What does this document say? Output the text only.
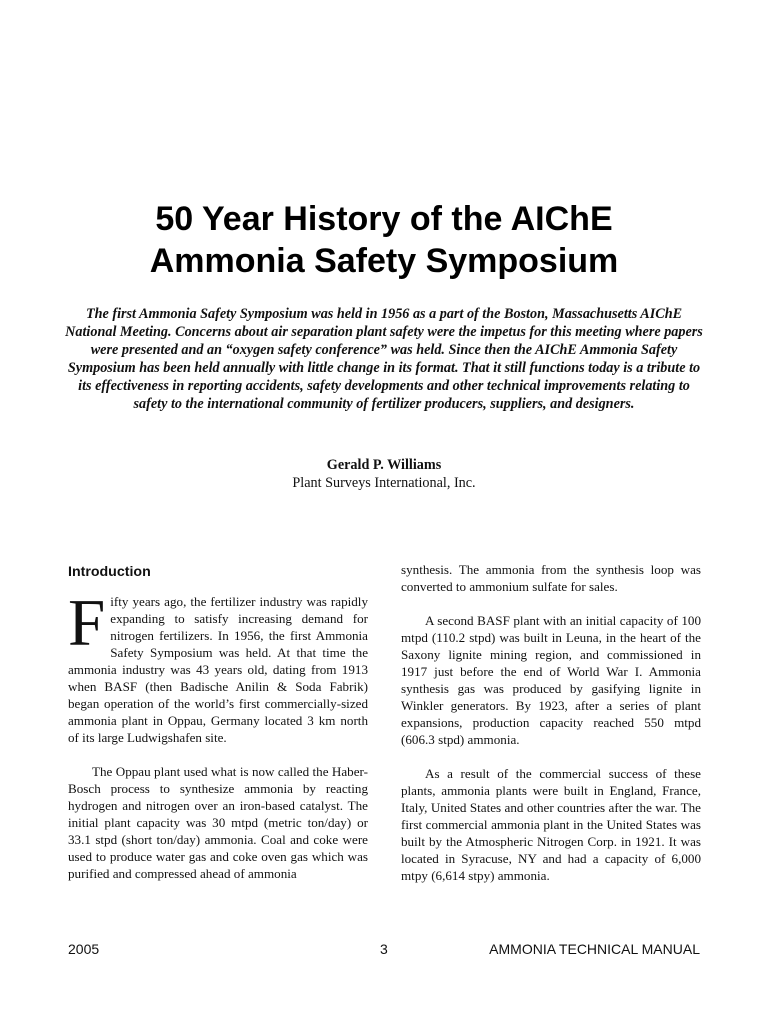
50 Year History of the AIChE
Ammonia Safety Symposium

The first Ammonia Safety Symposium was held in 1956 as a part of the Boston, Massachusetts AIChE National Meeting. Concerns about air separation plant safety were the impetus for this meeting where papers were presented and an “oxygen safety conference” was held. Since then the AIChE Ammonia Safety Symposium has been held annually with little change in its format. That it still functions today is a tribute to its effectiveness in reporting accidents, safety developments and other technical improvements relating to safety to the international community of fertilizer producers, suppliers, and designers.

Gerald P. Williams
Plant Surveys International, Inc.
Introduction

Fifty years ago, the fertilizer industry was rapidly expanding to satisfy increasing demand for nitrogen fertilizers. In 1956, the first Ammonia Safety Symposium was held. At that time the ammonia industry was 43 years old, dating from 1913 when BASF (then Badische Anilin & Soda Fabrik) began operation of the world’s first commercially-sized ammonia plant in Oppau, Germany located 3 km north of its large Ludwigshafen site.

The Oppau plant used what is now called the Haber-Bosch process to synthesize ammonia by reacting hydrogen and nitrogen over an iron-based catalyst. The initial plant capacity was 30 mtpd (metric ton/day) or 33.1 stpd (short ton/day) ammonia. Coal and coke were used to produce water gas and coke oven gas which was purified and compressed ahead of ammonia

synthesis. The ammonia from the synthesis loop was converted to ammonium sulfate for sales.

A second BASF plant with an initial capacity of 100 mtpd (110.2 stpd) was built in Leuna, in the heart of the Saxony lignite mining region, and commissioned in 1917 just before the end of World War I. Ammonia synthesis gas was produced by gasifying lignite in Winkler generators. By 1923, after a series of plant expansions, production capacity reached 550 mtpd (606.3 stpd) ammonia.

As a result of the commercial success of these plants, ammonia plants were built in England, France, Italy, United States and other countries after the war. The first commercial ammonia plant in the United States was built by the Atmospheric Nitrogen Corp. in 1921. It was located in Syracuse, NY and had a capacity of 6,000 mtpy (6,614 stpy) ammonia.

2005	3	AMMONIA TECHNICAL MANUAL
